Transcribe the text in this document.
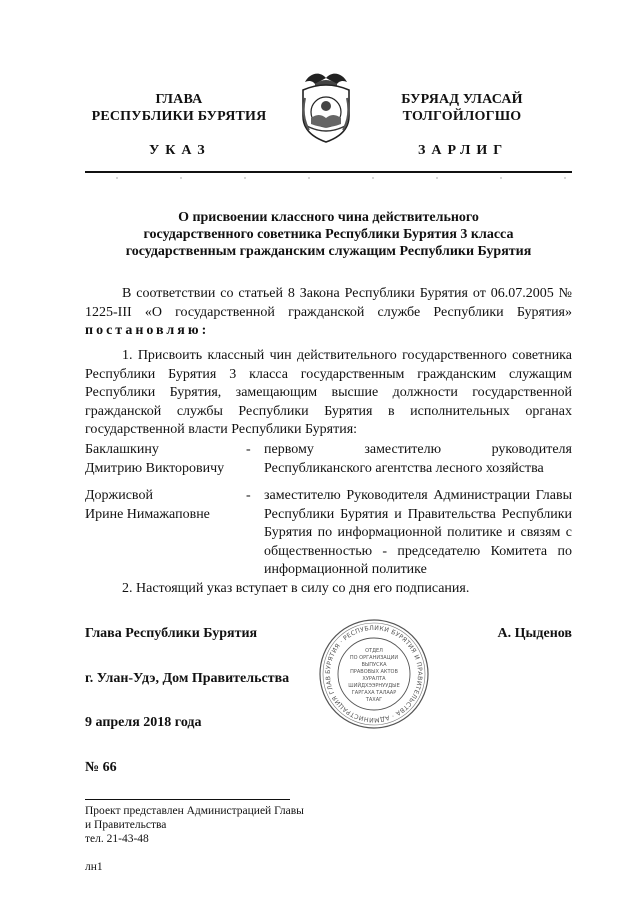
ГЛАВА
РЕСПУБЛИКИ БУРЯТИЯ
БУРЯАД УЛАСАЙ
ТОЛГОЙЛОГШО
УКАЗ	ЗАРЛИГ
О присвоении классного чина действительного
государственного советника Республики Бурятия 3 класса
государственным гражданским служащим Республики Бурятия
В соответствии со статьей 8 Закона Республики Бурятия от 06.07.2005 № 1225-III «О государственной гражданской службе Республики Бурятия» постановляю:
1. Присвоить классный чин действительного государственного советника Республики Бурятия 3 класса государственным гражданским служащим Республики Бурятия, замещающим высшие должности государственной гражданской службы Республики Бурятия в исполнительных органах государственной власти Республики Бурятия:
Баклашкину
Дмитрию Викторовичу
- первому заместителю руководителя Республиканского агентства лесного хозяйства
Доржисвой
Ирине Нимажаповне
- заместителю Руководителя Администрации Главы Республики Бурятия и Правительства Республики Бурятия по информационной политике и связям с общественностью - председателю Комитета по информационной политике
2. Настоящий указ вступает в силу со дня его подписания.
БУРЯТИЯ · РЕСПУБЛИКИ БУРЯТИЯ И ПРАВИТЕЛЬСТВА · АДМИНИСТРАЦИЯ ГЛАВ
ОТДЕЛ
ПО ОРГАНИЗАЦИИ
ВЫПУСКА
ПРАВОВЫХ АКТОВ
ХУРАЛТА
ШИЙДХЭЭРНУУДЫЕ
ГАРГАХА ТАЛААР
ТАХАГ
Глава Республики Бурятия	А. Цыденов
г. Улан-Удэ, Дом Правительства
9 апреля 2018 года
№ 66
Проект представлен Администрацией Главы
и Правительства
тел. 21-43-48
лн1
